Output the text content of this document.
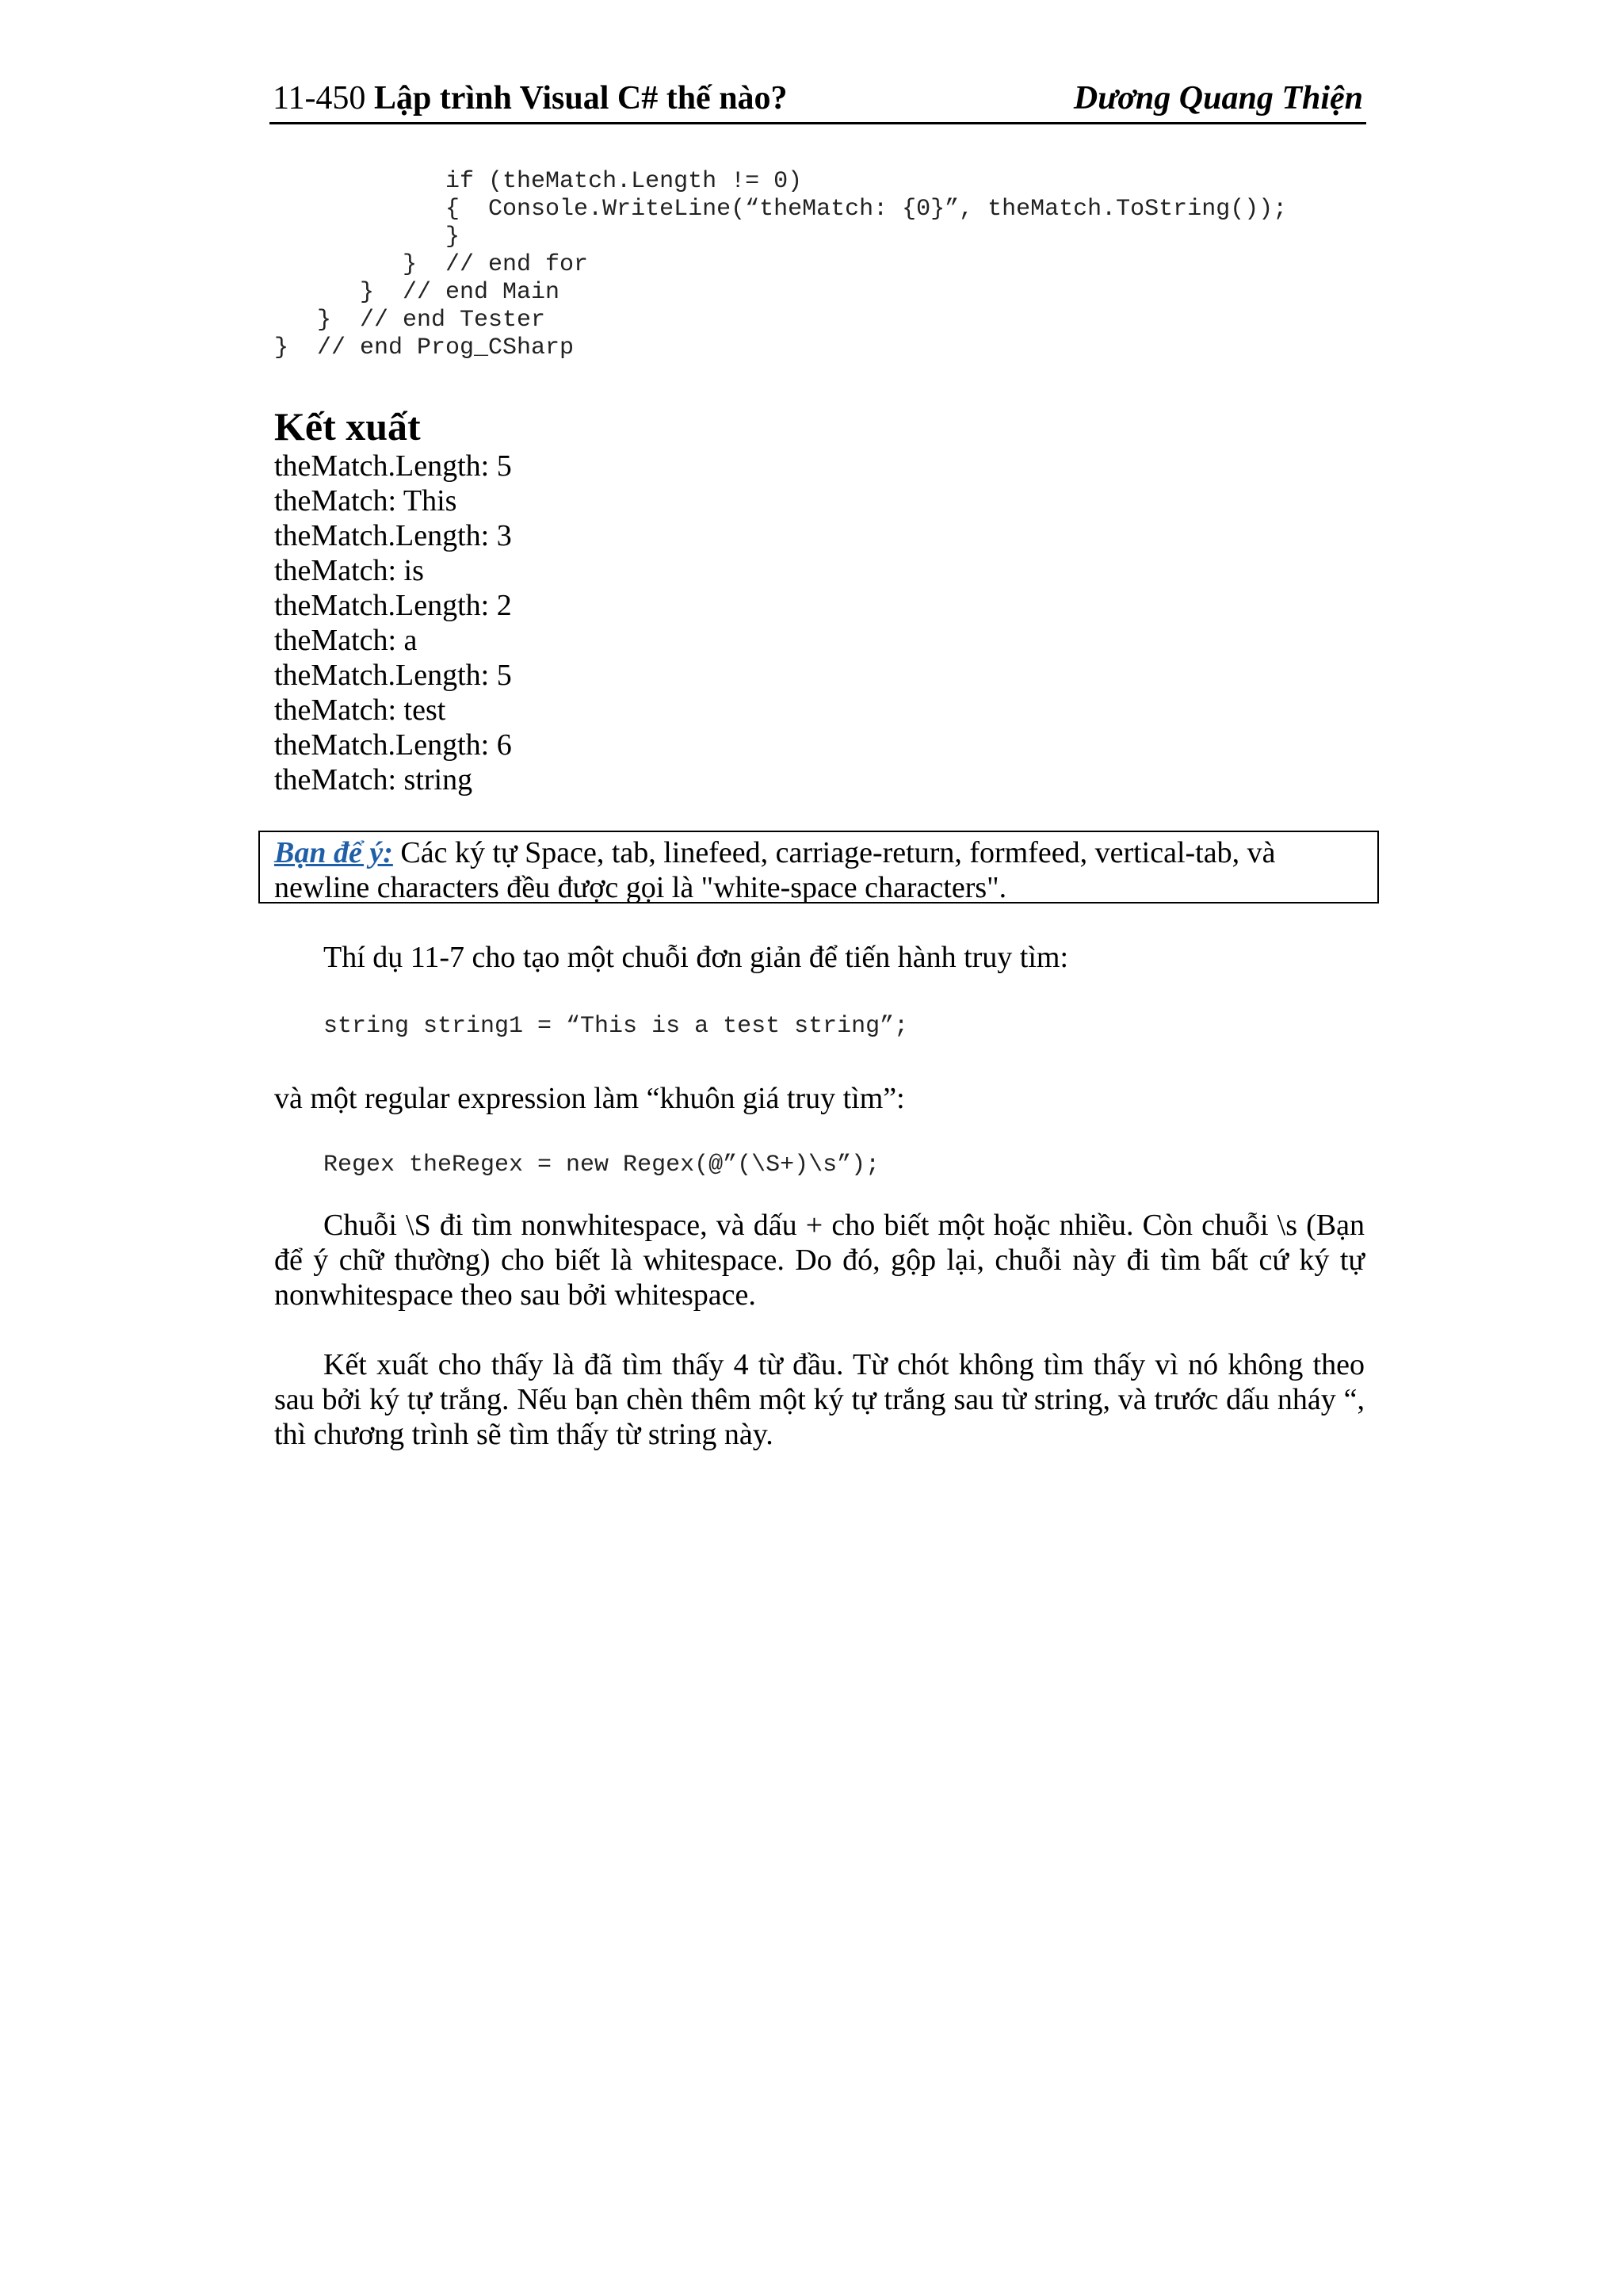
11-450 Lập trình Visual C# thế nào?	Dương Quang Thiện
if (theMatch.Length != 0)
{  Console.WriteLine(“theMatch: {0}”, theMatch.ToString());
}
}  // end for
}  // end Main
}  // end Tester
}  // end Prog_CSharp
Kết xuất
theMatch.Length: 5
theMatch: This
theMatch.Length: 3
theMatch: is
theMatch.Length: 2
theMatch: a
theMatch.Length: 5
theMatch: test
theMatch.Length: 6
theMatch: string
Bạn để ý: Các ký tự Space, tab, linefeed, carriage-return, formfeed, vertical-tab, và newline characters đều được gọi là "white-space characters".

Thí dụ 11-7 cho tạo một chuỗi đơn giản để tiến hành truy tìm:

string string1 = “This is a test string”;

và một regular expression làm “khuôn giá truy tìm”:

Regex theRegex = new Regex(@”(\S+)\s”);

Chuỗi \S đi tìm nonwhitespace, và dấu + cho biết một hoặc nhiều. Còn chuỗi \s (Bạn để ý chữ thường) cho biết là whitespace. Do đó, gộp lại, chuỗi này đi tìm bất cứ ký tự nonwhitespace theo sau bởi whitespace.

Kết xuất cho thấy là đã tìm thấy 4 từ đầu. Từ chót không tìm thấy vì nó không theo sau bởi ký tự trắng. Nếu bạn chèn thêm một ký tự trắng sau từ string, và trước dấu nháy “, thì chương trình sẽ tìm thấy từ string này.
